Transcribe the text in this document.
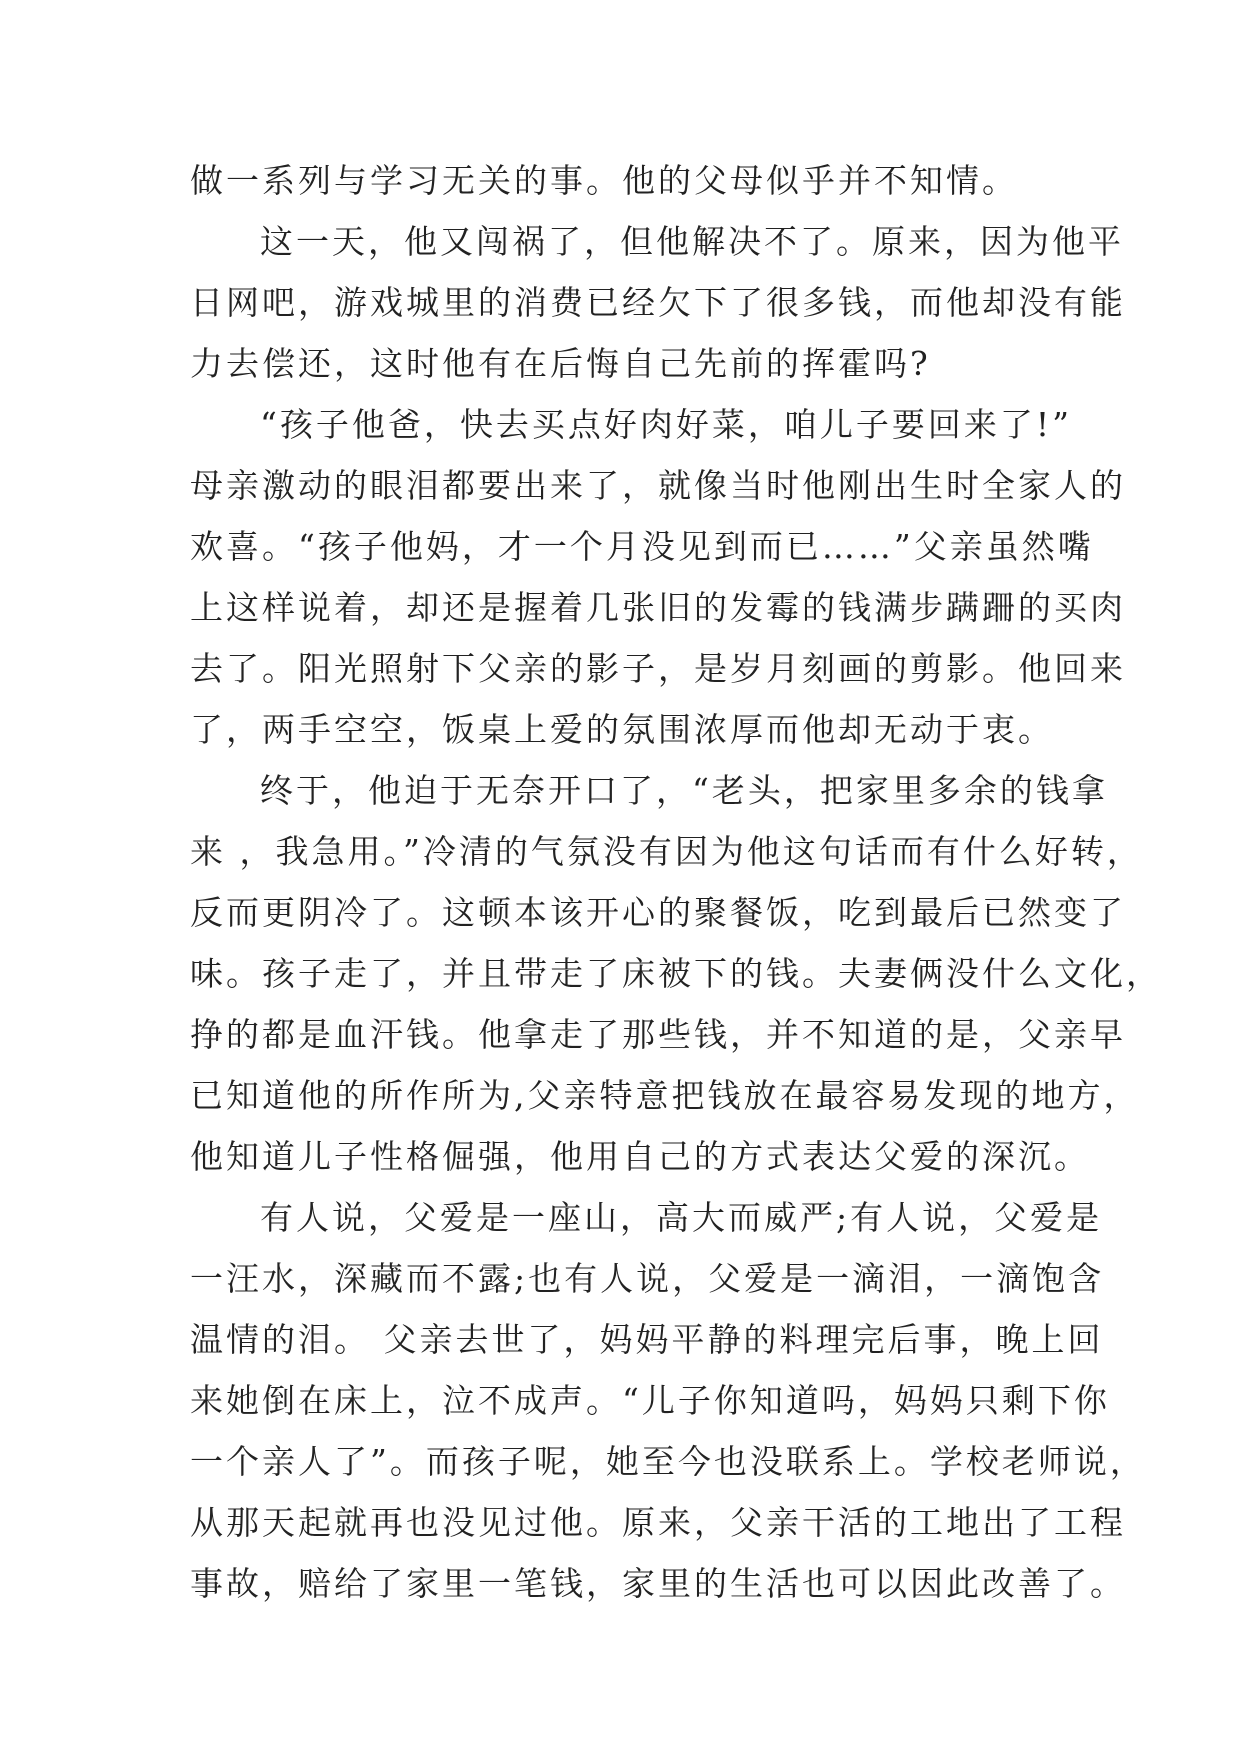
做一系列与学习无关的事。他的父母似乎并不知情。
这一天，他又闯祸了，但他解决不了。原来，因为他平
日网吧，游戏城里的消费已经欠下了很多钱，而他却没有能
力去偿还，这时他有在后悔自己先前的挥霍吗?
“孩子他爸，快去买点好肉好菜，咱儿子要回来了!”
母亲激动的眼泪都要出来了，就像当时他刚出生时全家人的
欢喜。“孩子他妈，才一个月没见到而已……”父亲虽然嘴
上这样说着，却还是握着几张旧的发霉的钱满步蹒跚的买肉
去了。阳光照射下父亲的影子，是岁月刻画的剪影。他回来
了，两手空空，饭桌上爱的氛围浓厚而他却无动于衷。
终于，他迫于无奈开口了，“老头，把家里多余的钱拿
来 ，我急用。”冷清的气氛没有因为他这句话而有什么好转，
反而更阴冷了。这顿本该开心的聚餐饭，吃到最后已然变了
味。孩子走了，并且带走了床被下的钱。夫妻俩没什么文化，
挣的都是血汗钱。他拿走了那些钱，并不知道的是，父亲早
已知道他的所作所为,父亲特意把钱放在最容易发现的地方，
他知道儿子性格倔强，他用自己的方式表达父爱的深沉。
有人说，父爱是一座山，高大而威严;有人说，父爱是
一汪水，深藏而不露;也有人说，父爱是一滴泪，一滴饱含
温情的泪。 父亲去世了，妈妈平静的料理完后事，晚上回
来她倒在床上，泣不成声。“儿子你知道吗，妈妈只剩下你
一个亲人了”。而孩子呢，她至今也没联系上。学校老师说，
从那天起就再也没见过他。原来，父亲干活的工地出了工程
事故，赔给了家里一笔钱，家里的生活也可以因此改善了。
